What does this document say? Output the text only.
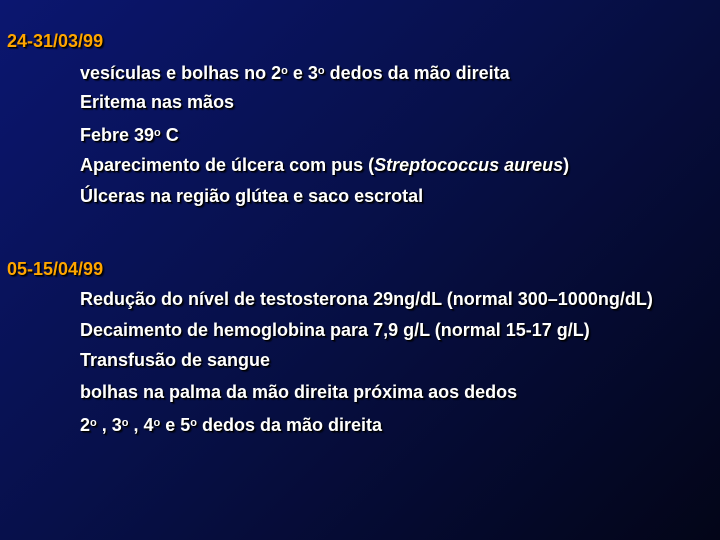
24-31/03/99
vesículas e bolhas no 2$^o$ e 3$^o$ dedos da mão direita
Eritema nas mãos
Febre 39$^o$ C
Aparecimento de úlcera com pus (Streptococcus aureus)
Úlceras na região glútea e saco escrotal
05-15/04/99
Redução do nível de testosterona 29ng/dL (normal 300–1000ng/dL)
Decaimento de hemoglobina para 7,9 g/L (normal 15-17 g/L)
Transfusão de sangue
bolhas na palma da mão direita próxima aos dedos
2$^o$ , 3$^o$ , 4$^o$ e 5$^o$ dedos da mão direita
